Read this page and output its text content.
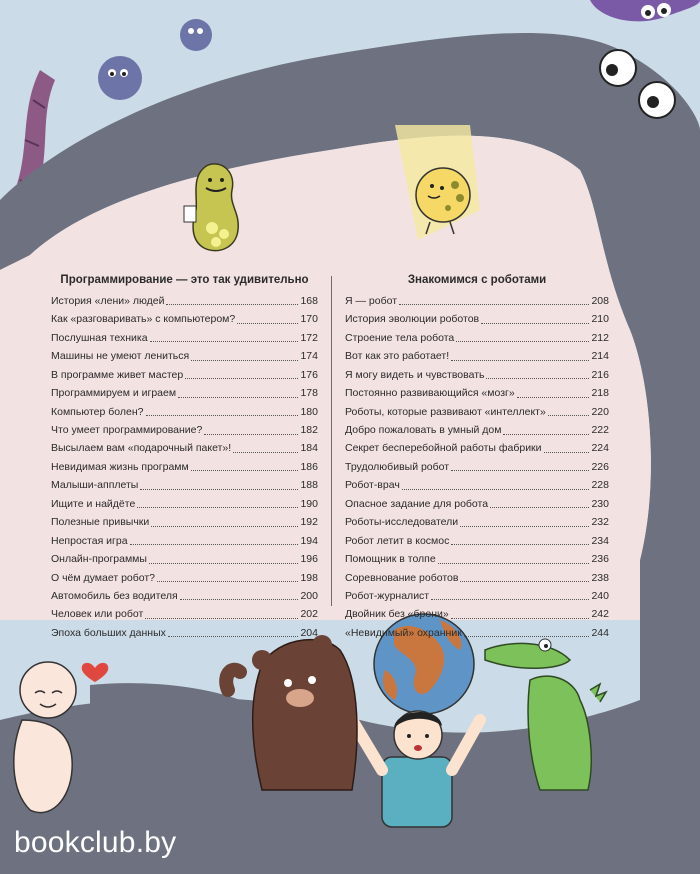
Программирование — это так удивительно
История «лени» людей	168
Как «разговаривать» с компьютером?	170
Послушная техника	172
Машины не умеют лениться	174
В программе живет мастер	176
Программируем и играем	178
Компьютер болен?	180
Что умеет программирование?	182
Высылаем вам «подарочный пакет»!	184
Невидимая жизнь программ	186
Малыши-апплеты	188
Ищите и найдёте	190
Полезные привычки	192
Непростая игра	194
Онлайн-программы	196
О чём думает робот?	198
Автомобиль без водителя	200
Человек или робот	202
Эпоха больших данных	204
Знакомимся с роботами
Я — робот	208
История эволюции роботов	210
Строение тела робота	212
Вот как это работает!	214
Я могу видеть и чувствовать	216
Постоянно развивающийся «мозг»	218
Роботы, которые развивают «интеллект»	220
Добро пожаловать в умный дом	222
Секрет бесперебойной работы фабрики	224
Трудолюбивый робот	226
Робот-врач	228
Опасное задание для робота	230
Роботы-исследователи	232
Робот летит в космос	234
Помощник в толпе	236
Соревнование роботов	238
Робот-журналист	240
Двойник без «брони»	242
«Невидимый» охранник	244
bookclub.by
